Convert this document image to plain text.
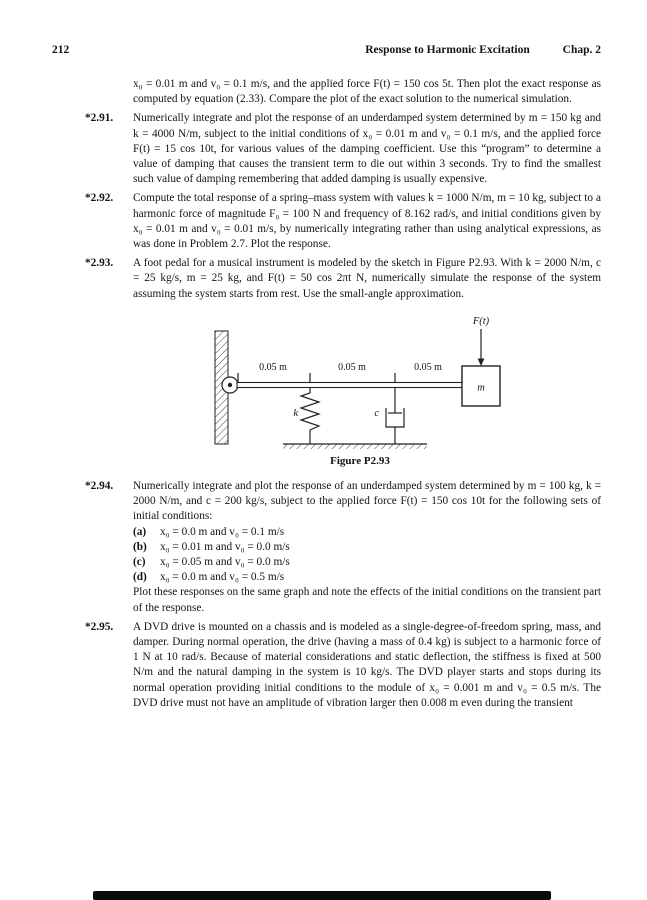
212	Response to Harmonic Excitation	Chap. 2

x₀ = 0.01 m and v₀ = 0.1 m/s, and the applied force F(t) = 150 cos 5t. Then plot the exact response as computed by equation (2.33). Compare the plot of the exact solution to the numerical simulation.

*2.91.	Numerically integrate and plot the response of an underdamped system determined by m = 150 kg and k = 4000 N/m, subject to the initial conditions of x₀ = 0.01 m and v₀ = 0.1 m/s, and the applied force F(t) = 15 cos 10t, for various values of the damping coefficient. Use this “program” to determine a value of damping that causes the transient term to die out within 3 seconds. Try to find the smallest such value of damping remembering that added damping is usually expensive.
*2.92.	Compute the total response of a spring–mass system with values k = 1000 N/m, m = 10 kg, subject to a harmonic force of magnitude F₀ = 100 N and frequency of 8.162 rad/s, and initial conditions given by x₀ = 0.01 m and v₀ = 0.01 m/s, by numerically integrating rather than using analytical expressions, as was done in Problem 2.7. Plot the response.
*2.93.	A foot pedal for a musical instrument is modeled by the sketch in Figure P2.93. With k = 2000 N/m, c = 25 kg/s, m = 25 kg, and F(t) = 50 cos 2πt N, numerically simulate the response of the system assuming the system starts from rest. Use the small-angle approximation.
0.05 m	0.05 m	0.05 m
F(t)
m
k	c
Figure P2.93
*2.94.	Numerically integrate and plot the response of an underdamped system determined by m = 100 kg, k = 2000 N/m, and c = 200 kg/s, subject to the applied force F(t) = 150 cos 10t for the following sets of initial conditions:

(a)	x₀ = 0.0 m and v₀ = 0.1 m/s
(b)	x₀ = 0.01 m and v₀ = 0.0 m/s
(c)	x₀ = 0.05 m and v₀ = 0.0 m/s
(d)	x₀ = 0.0 m and v₀ = 0.5 m/s

Plot these responses on the same graph and note the effects of the initial conditions on the transient part of the response.

*2.95.	A DVD drive is mounted on a chassis and is modeled as a single-degree-of-freedom spring, mass, and damper. During normal operation, the drive (having a mass of 0.4 kg) is subject to a harmonic force of 1 N at 10 rad/s. Because of material considerations and static deflection, the stiffness is fixed at 500 N/m and the natural damping in the system is 10 kg/s. The DVD player starts and stops during its normal operation providing initial conditions to the module of x₀ = 0.001 m and v₀ = 0.5 m/s. The DVD drive must not have an amplitude of vibration larger then 0.008 m even during the transient
